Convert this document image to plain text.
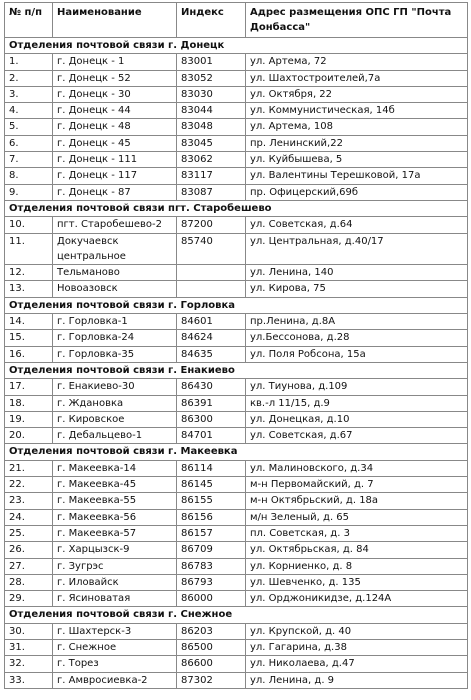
№ п/п	Наименование	Индекс	Адрес размещения ОПС ГП "Почта Донбасса"
Отделения почтовой связи г. Донецк			
1.	г. Донецк - 1	83001	ул. Артема, 72
2.	г. Донецк - 52	83052	ул. Шахтостроителей,7а
3.	г. Донецк - 30	83030	ул. Октября, 22
4.	г. Донецк - 44	83044	ул. Коммунистическая, 14б
5.	г. Донецк - 48	83048	ул. Артема, 108
6.	г. Донецк - 45	83045	пр. Ленинский,22
7.	г. Донецк - 111	83062	ул. Куйбышева, 5
8.	г. Донецк - 117	83117	ул. Валентины Терешковой, 17а
9.	г. Донецк - 87	83087	пр. Офицерский,69б
Отделения почтовой связи пгт. Старобешево			
10.	пгт. Старобешево-2	87200	ул. Советская, д.64
11.	Докучаевск центральное	85740	ул. Центральная, д.40/17
12.	Тельманово		ул. Ленина, 140
13.	Новоазовск		ул. Кирова, 75
Отделения почтовой связи г. Горловка			
14.	г. Горловка-1	84601	пр.Ленина, д.8А
15.	г. Горловка-24	84624	ул.Бессонова, д.28
16.	г. Горловка-35	84635	ул. Поля Робсона, 15а
Отделения почтовой связи г. Енакиево			
17.	г. Енакиево-30	86430	ул. Тиунова, д.109
18.	г. Ждановка	86391	кв.-л 11/15, д.9
19.	г. Кировское	86300	ул. Донецкая, д.10
20.	г. Дебальцево-1	84701	ул. Советская, д.67
Отделения почтовой связи г. Макеевка			
21.	г. Макеевка-14	86114	ул. Малиновского, д.34
22.	г. Макеевка-45	86145	м-н Первомайский, д. 7
23.	г. Макеевка-55	86155	м-н Октябрьский, д. 18а
24.	г. Макеевка-56	86156	м/н Зеленый, д. 65
25.	г. Макеевка-57	86157	пл. Советская, д. 3
26.	г. Харцызск-9	86709	ул. Октябрьская, д. 84
27.	г. Зугрэс	86783	ул. Корниенко, д. 8
28.	г. Иловайск	86793	ул. Шевченко, д. 135
29.	г. Ясиноватая	86000	ул. Орджоникидзе, д.124А
Отделения почтовой связи г. Снежное			
30.	г. Шахтерск-3	86203	ул. Крупской, д. 40
31.	г. Снежное	86500	ул. Гагарина, д.38
32.	г. Торез	86600	ул. Николаева, д.47
33.	г. Амвросиевка-2	87302	ул. Ленина, д. 9
